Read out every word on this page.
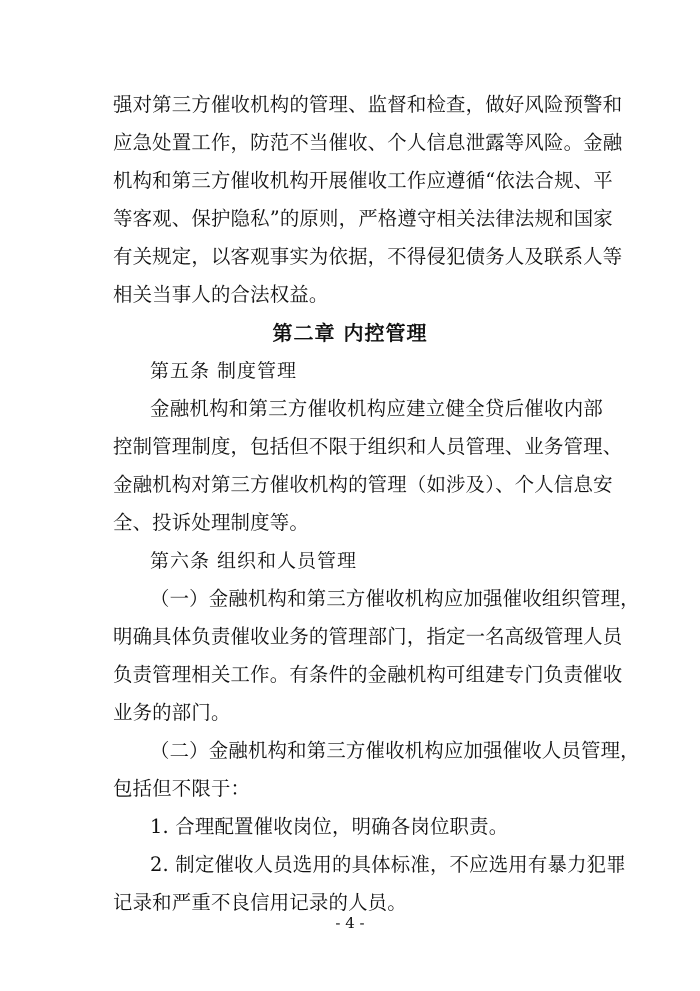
强对第三方催收机构的管理、监督和检查，做好风险预警和
应急处置工作，防范不当催收、个人信息泄露等风险。金融
机构和第三方催收机构开展催收工作应遵循“依法合规、平
等客观、保护隐私”的原则，严格遵守相关法律法规和国家
有关规定，以客观事实为依据，不得侵犯债务人及联系人等
相关当事人的合法权益。
第二章 内控管理
第五条 制度管理
金融机构和第三方催收机构应建立健全贷后催收内部
控制管理制度，包括但不限于组织和人员管理、业务管理、
金融机构对第三方催收机构的管理（如涉及）、个人信息安
全、投诉处理制度等。
第六条 组织和人员管理
（一）金融机构和第三方催收机构应加强催收组织管理，
明确具体负责催收业务的管理部门，指定一名高级管理人员
负责管理相关工作。有条件的金融机构可组建专门负责催收
业务的部门。
（二）金融机构和第三方催收机构应加强催收人员管理，
包括但不限于：
1. 合理配置催收岗位，明确各岗位职责。
2. 制定催收人员选用的具体标准，不应选用有暴力犯罪
记录和严重不良信用记录的人员。
- 4 -
